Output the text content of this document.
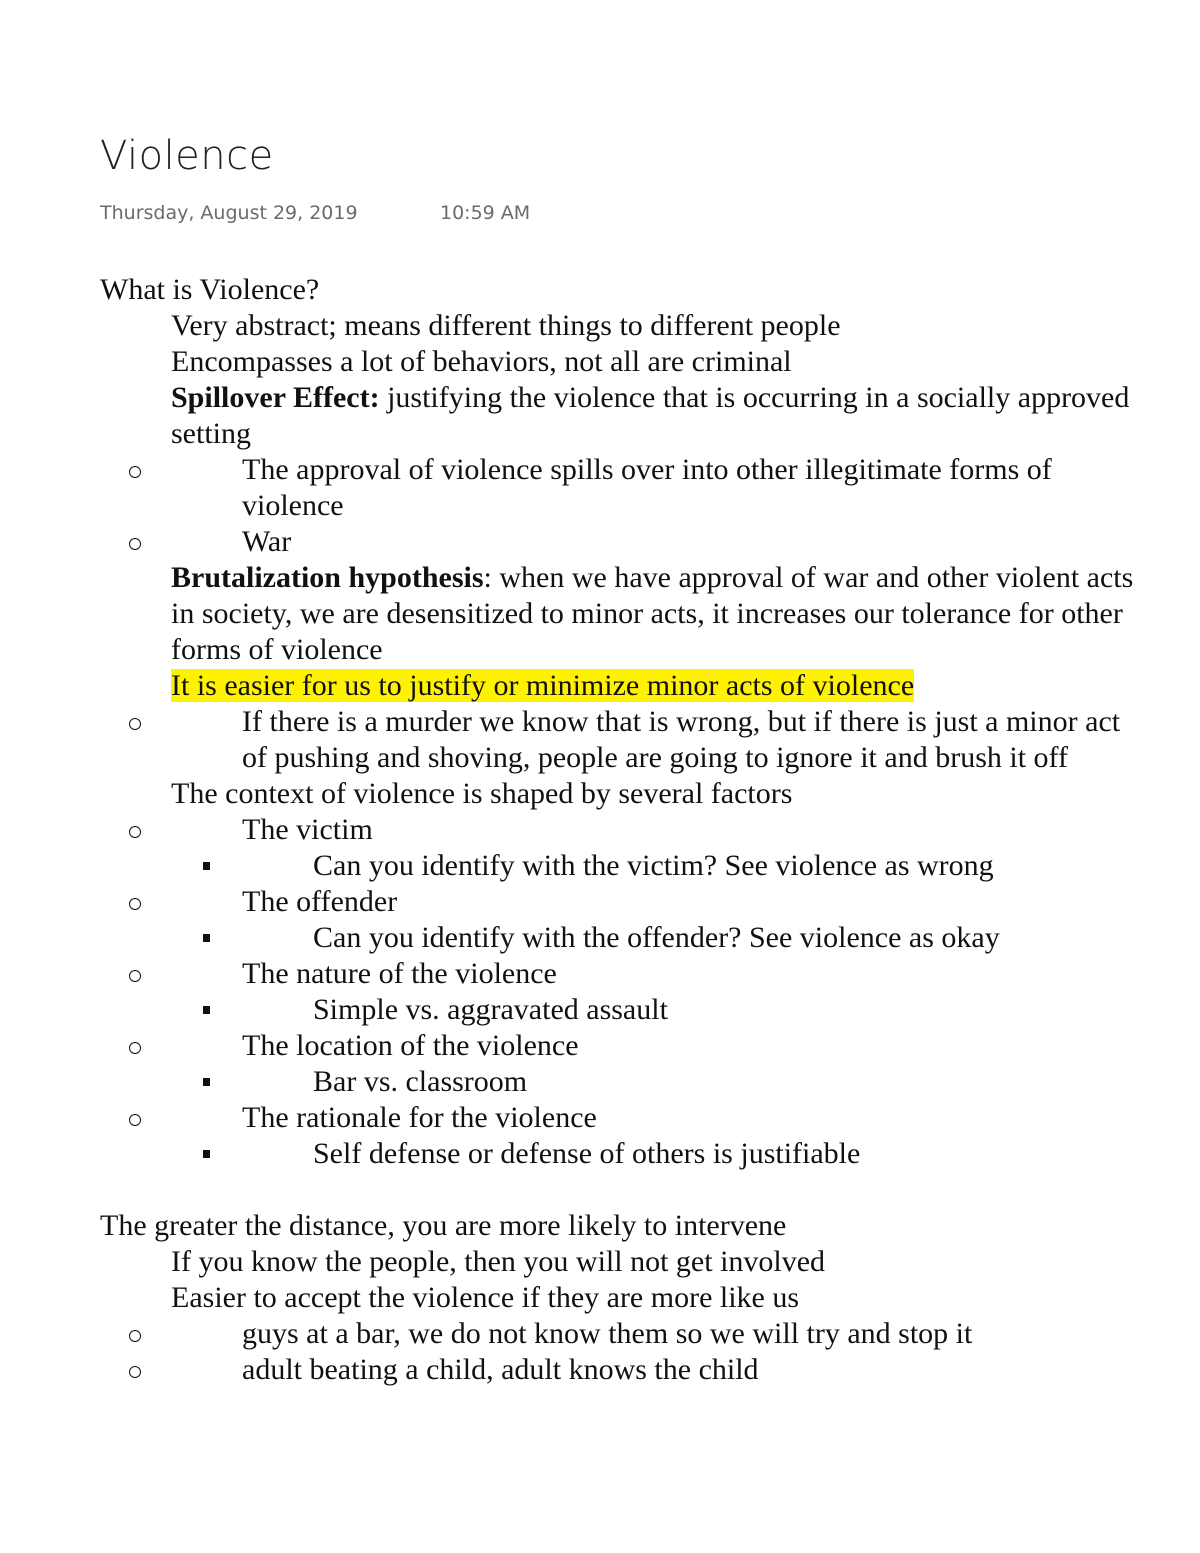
Violence
Thursday, August 29, 2019	10:59 AM

What is Violence?

Very abstract; means different things to different people
Encompasses a lot of behaviors, not all are criminal
Spillover Effect: justifying the violence that is occurring in a socially approved setting
The approval of violence spills over into other illegitimate forms of violence
War
Brutalization hypothesis: when we have approval of war and other violent acts in society, we are desensitized to minor acts, it increases our tolerance for other forms of violence
It is easier for us to justify or minimize minor acts of violence
If there is a murder we know that is wrong, but if there is just a minor act of pushing and shoving, people are going to ignore it and brush it off
The context of violence is shaped by several factors
The victim
Can you identify with the victim? See violence as wrong
The offender
Can you identify with the offender? See violence as okay
The nature of the violence
Simple vs. aggravated assault
The location of the violence
Bar vs. classroom
The rationale for the violence
Self defense or defense of others is justifiable

The greater the distance, you are more likely to intervene

If you know the people, then you will not get involved
Easier to accept the violence if they are more like us
guys at a bar, we do not know them so we will try and stop it
adult beating a child, adult knows the child
